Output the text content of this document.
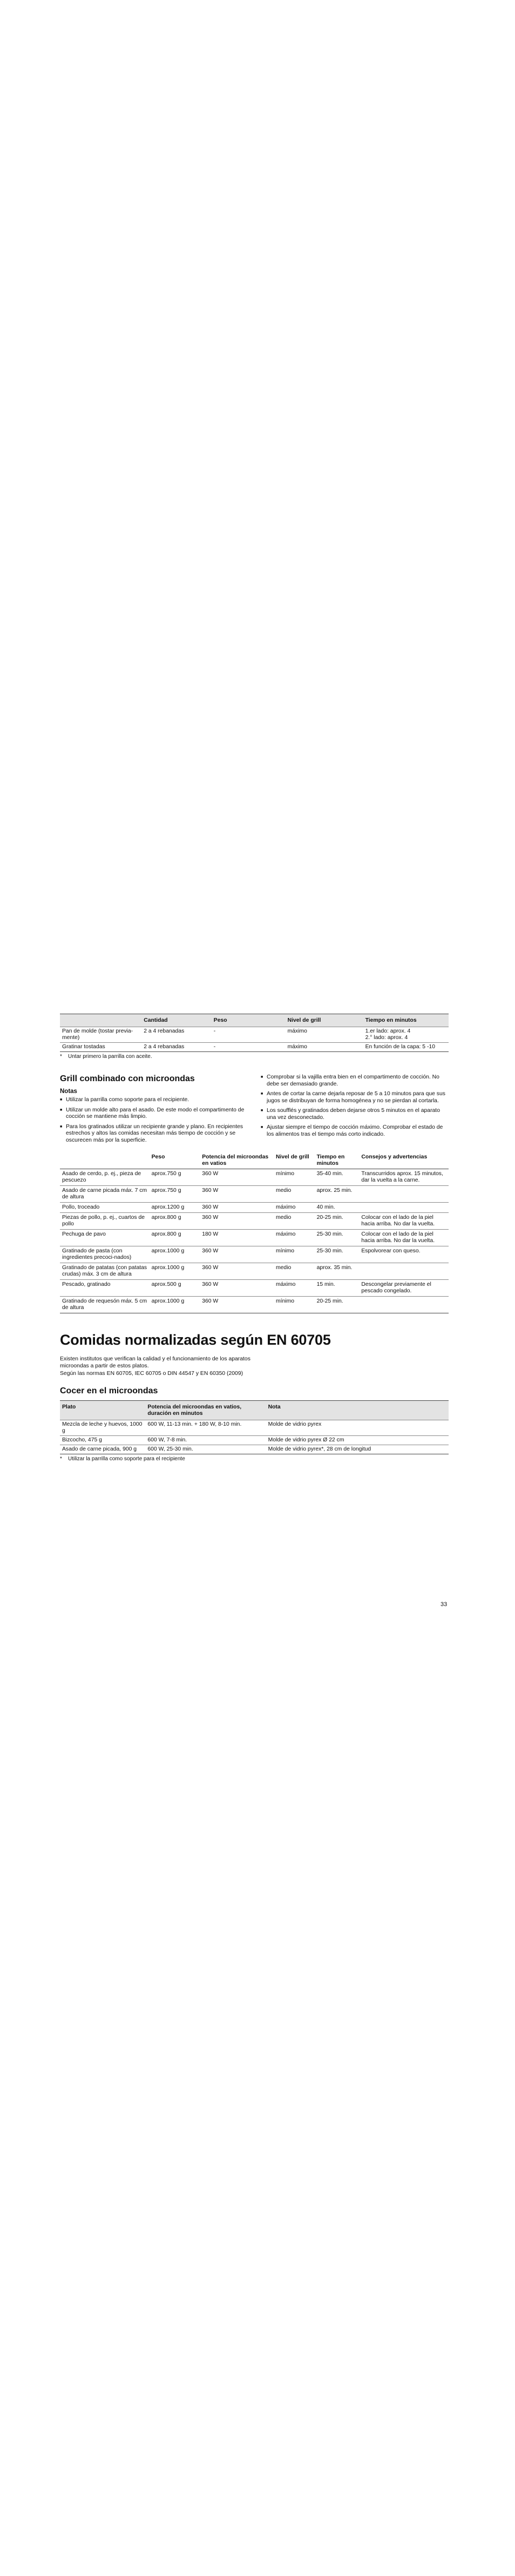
	Cantidad	Peso	Nivel de grill	Tiempo en minutos
Pan de molde (tostar previa-mente)	2 a 4 rebanadas	-	máximo	1.er lado: aprox. 4
2.° lado: aprox. 4
Gratinar tostadas	2 a 4 rebanadas	-	máximo	En función de la capa: 5 -10
*    Untar primero la parrilla con aceite.
Grill combinado con microondas
Notas
■ Utilizar la parrilla como soporte para el recipiente.
■ Utilizar un molde alto para el asado. De este modo el compartimento de cocción se mantiene más limpio.
■ Para los gratinados utilizar un recipiente grande y plano. En recipientes estrechos y altos las comidas necesitan más tiempo de cocción y se oscurecen más por la superficie.
■ Comprobar si la vajilla entra bien en el compartimento de cocción. No debe ser demasiado grande.
■ Antes de cortar la carne dejarla reposar de 5 a 10 minutos para que sus jugos se distribuyan de forma homogénea y no se pierdan al cortarla.
■ Los soufflés y gratinados deben dejarse otros 5 minutos en el aparato una vez desconectado.
■ Ajustar siempre el tiempo de cocción máximo. Comprobar el estado de los alimentos tras el tiempo más corto indicado.
	Peso	Potencia del microondas en vatios	Nivel de grill	Tiempo en minutos	Consejos y advertencias
Asado de cerdo, p. ej., pieza de pescuezo	aprox.750 g	360 W	mínimo	35-40 min.	Transcurridos aprox. 15 minutos, dar la vuelta a la carne.
Asado de carne picada máx. 7 cm de altura	aprox.750 g	360 W	medio	aprox. 25 min.	
Pollo, troceado	aprox.1200 g	360 W	máximo	40 min.	
Piezas de pollo, p. ej., cuartos de pollo	aprox.800 g	360 W	medio	20-25 min.	Colocar con el lado de la piel hacia arriba. No dar la vuelta.
Pechuga de pavo	aprox.800 g	180 W	máximo	25-30 min.	Colocar con el lado de la piel hacia arriba. No dar la vuelta.
Gratinado de pasta (con ingredientes precoci-nados)	aprox.1000 g	360 W	mínimo	25-30 min.	Espolvorear con queso.
Gratinado de patatas (con patatas crudas) máx. 3 cm de altura	aprox.1000 g	360 W	medio	aprox. 35 min.	
Pescado, gratinado	aprox.500 g	360 W	máximo	15 min.	Descongelar previamente el pescado congelado.
Gratinado de requesón máx. 5 cm de altura	aprox.1000 g	360 W	mínimo	20-25 min.	
Comidas normalizadas según EN 60705

Existen institutos que verifican la calidad y el funcionamiento de los aparatos microondas a partir de estos platos.

Según las normas EN 60705, IEC 60705 o DIN 44547 y EN 60350 (2009)

Cocer en el microondas
Plato	Potencia del microondas en vatios, duración en minutos	Nota
Mezcla de leche y huevos, 1000 g	600 W, 11-13 min. + 180 W, 8-10 min.	Molde de vidrio pyrex
Bizcocho, 475 g	600 W, 7-8 min.	Molde de vidrio pyrex Ø 22 cm
Asado de carne picada, 900 g	600 W, 25-30 min.	Molde de vidrio pyrex*, 28 cm de longitud
*    Utilizar la parrilla como soporte para el recipiente
33
